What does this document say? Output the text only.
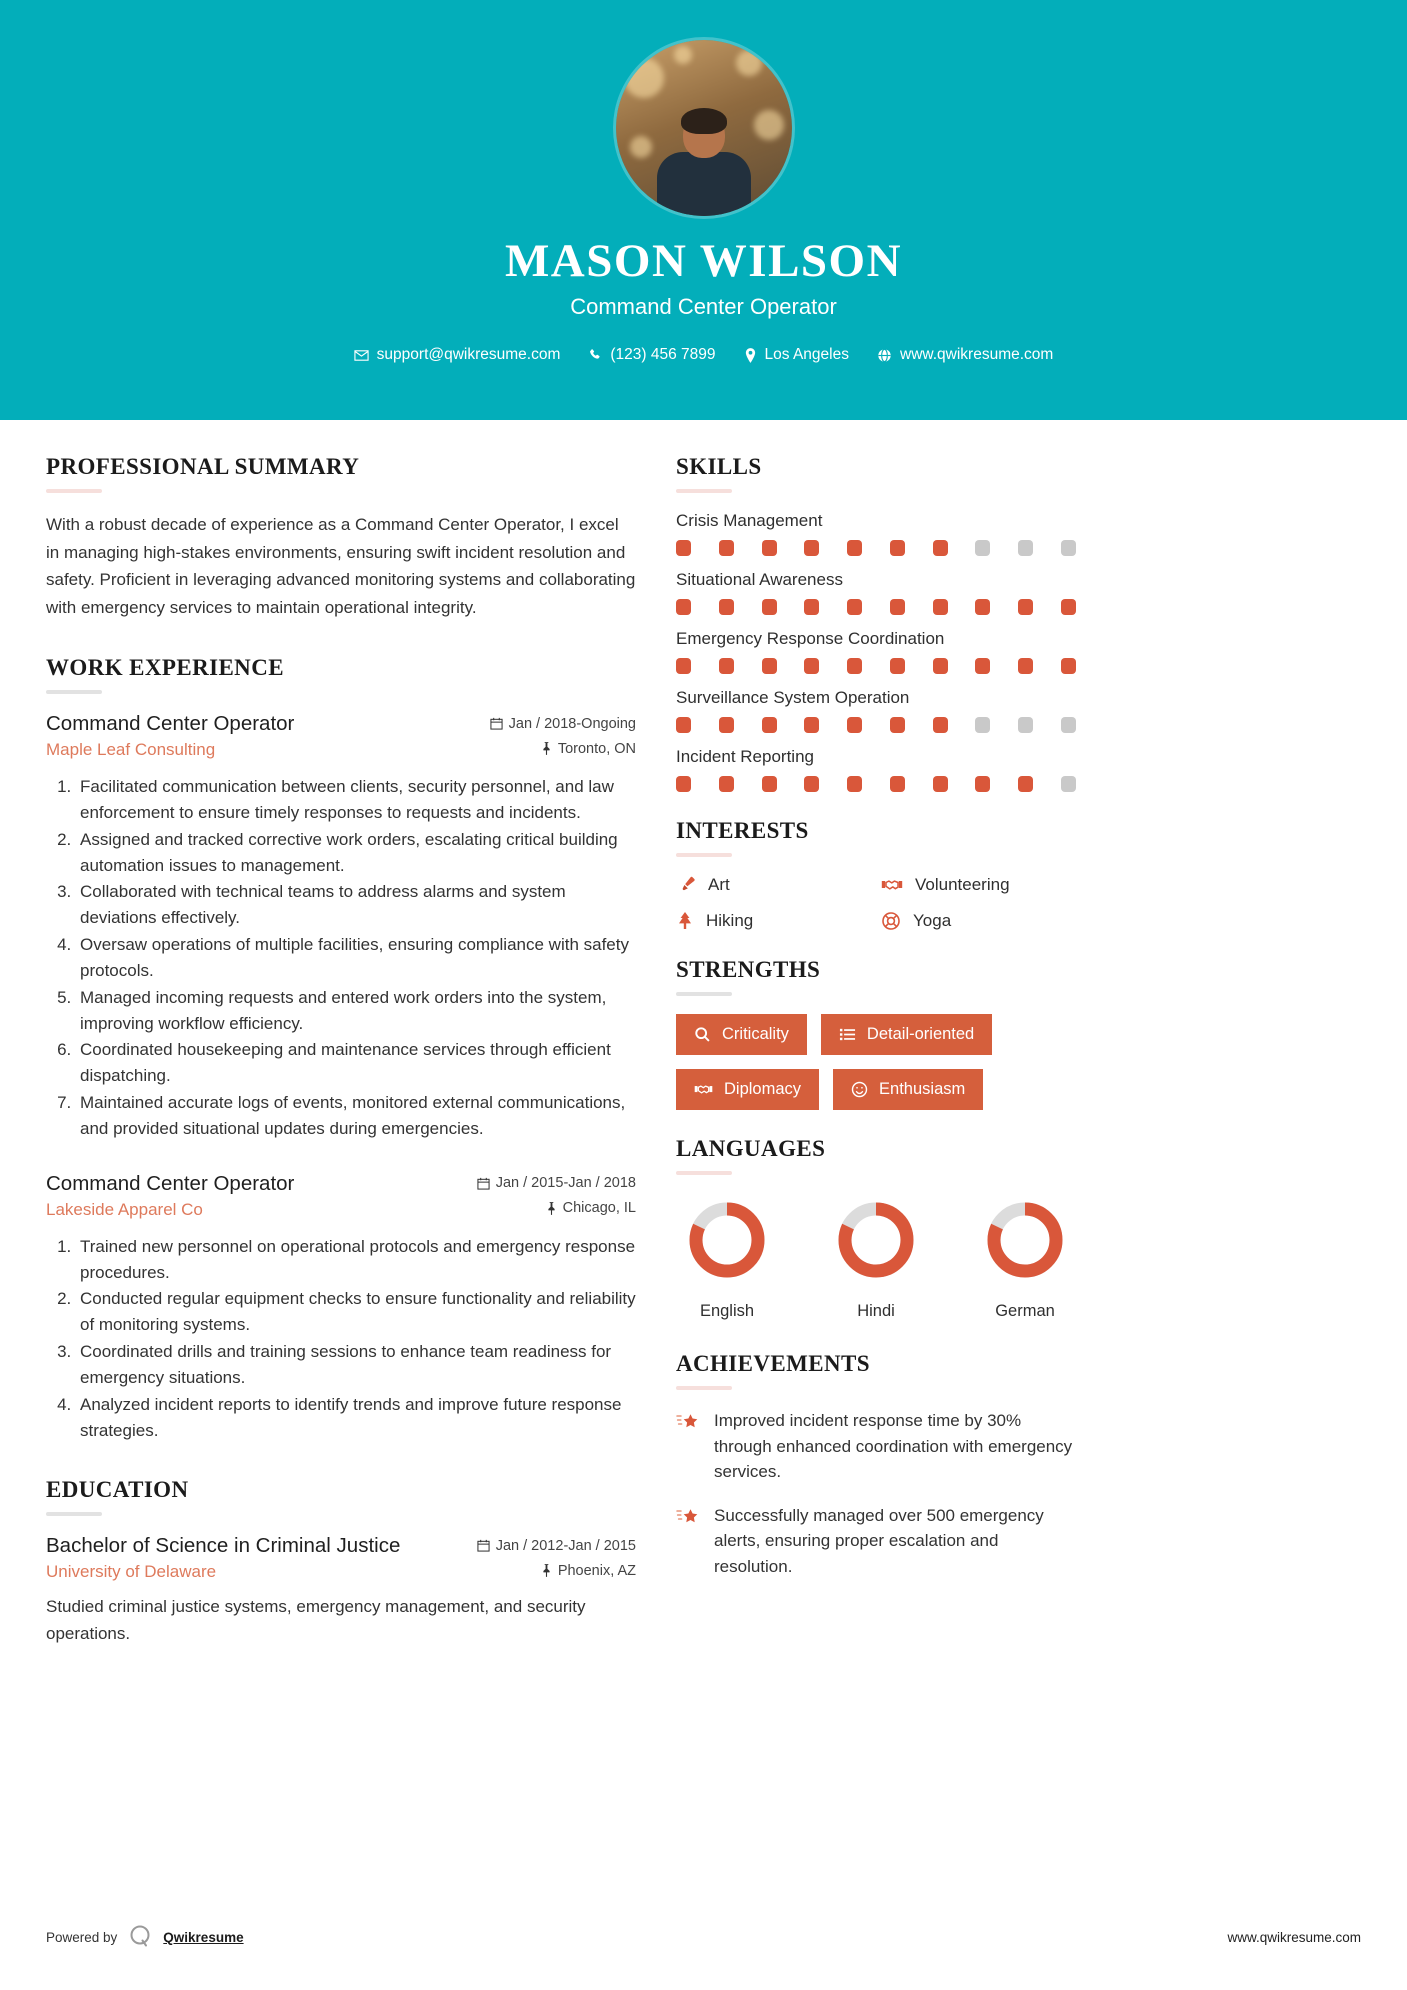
MASON WILSON
Command Center Operator
support@qwikresume.com	(123) 456 7899	Los Angeles	www.qwikresume.com
PROFESSIONAL SUMMARY
With a robust decade of experience as a Command Center Operator, I excel in managing high-stakes environments, ensuring swift incident resolution and safety. Proficient in leveraging advanced monitoring systems and collaborating with emergency services to maintain operational integrity.
WORK EXPERIENCE
Command Center Operator	Jan / 2018-Ongoing
Maple Leaf Consulting	Toronto, ON
1. Facilitated communication between clients, security personnel, and law enforcement to ensure timely responses to requests and incidents.
2. Assigned and tracked corrective work orders, escalating critical building automation issues to management.
3. Collaborated with technical teams to address alarms and system deviations effectively.
4. Oversaw operations of multiple facilities, ensuring compliance with safety protocols.
5. Managed incoming requests and entered work orders into the system, improving workflow efficiency.
6. Coordinated housekeeping and maintenance services through efficient dispatching.
7. Maintained accurate logs of events, monitored external communications, and provided situational updates during emergencies.
Command Center Operator	Jan / 2015-Jan / 2018
Lakeside Apparel Co	Chicago, IL
1. Trained new personnel on operational protocols and emergency response procedures.
2. Conducted regular equipment checks to ensure functionality and reliability of monitoring systems.
3. Coordinated drills and training sessions to enhance team readiness for emergency situations.
4. Analyzed incident reports to identify trends and improve future response strategies.
EDUCATION
Bachelor of Science in Criminal Justice	Jan / 2012-Jan / 2015
University of Delaware	Phoenix, AZ
Studied criminal justice systems, emergency management, and security operations.
SKILLS
Crisis Management
Situational Awareness
Emergency Response Coordination
Surveillance System Operation
Incident Reporting
INTERESTS
Art	Volunteering
Hiking	Yoga
STRENGTHS
Criticality	Detail-oriented
Diplomacy	Enthusiasm
LANGUAGES
English	Hindi	German
ACHIEVEMENTS
Improved incident response time by 30% through enhanced coordination with emergency services.
Successfully managed over 500 emergency alerts, ensuring proper escalation and resolution.
Powered by	Qwikresume	www.qwikresume.com
